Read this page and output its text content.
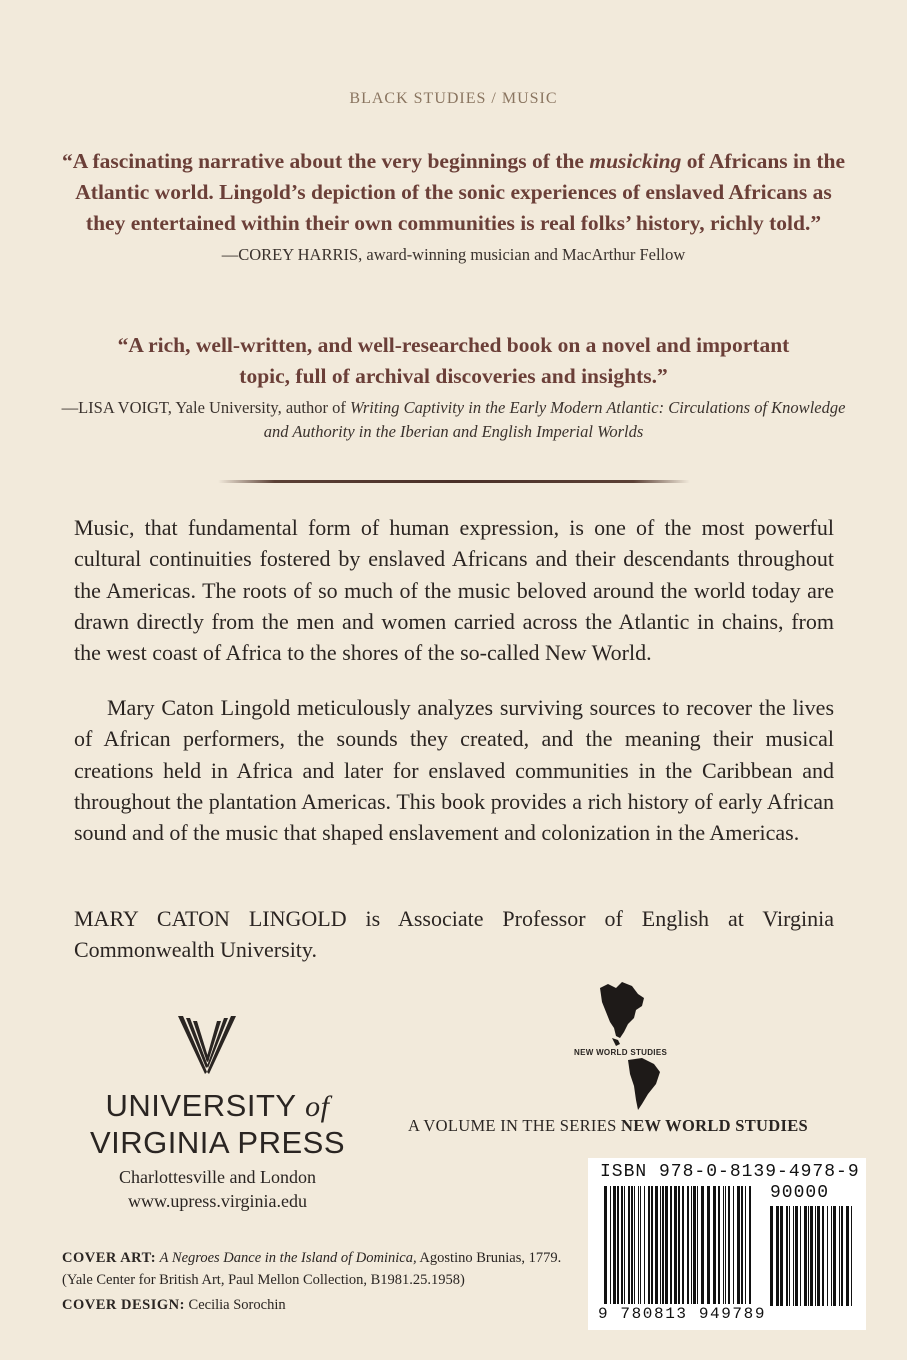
BLACK STUDIES / MUSIC

“A fascinating narrative about the very beginnings of the musicking of Africans in the Atlantic world. Lingold’s depiction of the sonic experiences of enslaved Africans as they entertained within their own communities is real folks’ history, richly told.”

—COREY HARRIS, award-winning musician and MacArthur Fellow

“A rich, well-written, and well-researched book on a novel and important topic, full of archival discoveries and insights.”

—LISA VOIGT, Yale University, author of Writing Captivity in the Early Modern Atlantic: Circulations of Knowledge and Authority in the Iberian and English Imperial Worlds

Music, that fundamental form of human expression, is one of the most powerful cultural continuities fostered by enslaved Africans and their descendants throughout the Americas. The roots of so much of the music beloved around the world today are drawn directly from the men and women carried across the Atlantic in chains, from the west coast of Africa to the shores of the so-called New World.

Mary Caton Lingold meticulously analyzes surviving sources to recover the lives of African performers, the sounds they created, and the meaning their musical creations held in Africa and later for enslaved communities in the Caribbean and throughout the plantation Americas. This book provides a rich history of early African sound and of the music that shaped enslavement and colonization in the Americas.

MARY CATON LINGOLD is Associate Professor of English at Virginia Commonwealth University.

UNIVERSITY of

VIRGINIA PRESS

Charlottesville and London

www.upress.virginia.edu

NEW WORLD STUDIES
A VOLUME IN THE SERIES NEW WORLD STUDIES
ISBN 978-0-8139-4978-9
90000
9 780813 949789

COVER ART: A Negroes Dance in the Island of Dominica, Agostino Brunias, 1779. (Yale Center for British Art, Paul Mellon Collection, B1981.25.1958)

COVER DESIGN: Cecilia Sorochin
